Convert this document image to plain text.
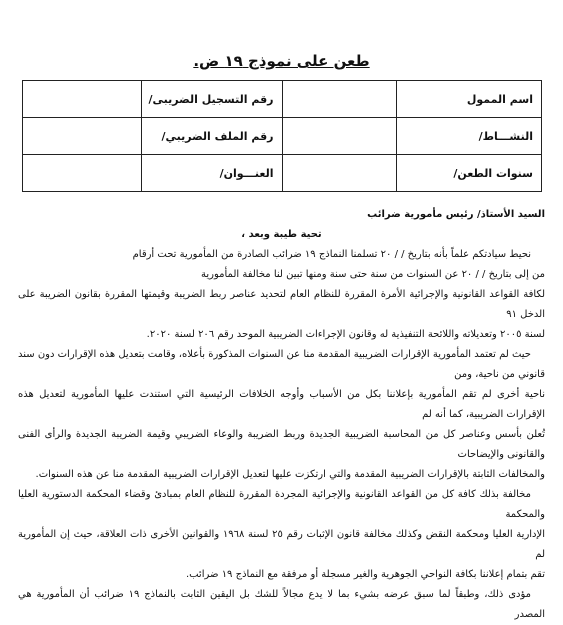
طعن على نموذج ١٩ ض.
اسم الممول		رقم التسجيل الضريبى/	
النشـــاط/		رقم الملف الضريبي/	
سنوات الطعن/		العنـــوان/	

السيد الأستاذ/ رئيس مأمورية ضرائب

تحية طيبة وبعد ،

نحيط سيادتكم علماً بأنه بتاريخ / / ٢٠ تسلمنا النماذج ١٩ ضرائب الصادرة من المأمورية تحت أرقام

من إلى بتاريخ / / ٢٠ عن السنوات من سنة حتى سنة ومنها تبين لنا مخالفة المأمورية

لكافة القواعد القانونية والإجرائية الأمرة المقررة للنظام العام لتحديد عناصر ربط الضريبة وقيمتها المقررة بقانون الضريبة على الدخل ٩١

لسنة ٢٠٠٥ وتعديلاته واللائحة التنفيذية له وقانون الإجراءات الضريبية الموحد رقم ٢٠٦ لسنة ٢٠٢٠.

حيث لم تعتمد المأمورية الإقرارات الضريبية المقدمة منا عن السنوات المذكورة بأعلاه، وقامت بتعديل هذه الإقرارات دون سند قانوني من ناحية، ومن

ناحية أخرى لم تقم المأمورية بإعلاننا بكل من الأسباب وأوجه الخلافات الرئيسية التي استندت عليها المأمورية لتعديل هذه الإقرارات الضريبية، كما أنه لم

تُعلن بأسس وعناصر كل من المحاسبة الضريبية الجديدة وربط الضريبة والوعاء الضريبي وقيمة الضريبة الجديدة والرأى الفنى والقانونى والإيضاحات

والمخالفات الثابتة بالإقرارات الضريبية المقدمة والتي ارتكزت عليها لتعديل الإقرارات الضريبية المقدمة منا عن هذه السنوات.

مخالفة بذلك كافة كل من القواعد القانونية والإجرائية المجردة المقررة للنظام العام بمبادئ وقضاء المحكمة الدستورية العليا والمحكمة

الإدارية العليا ومحكمة النقض وكذلك مخالفة قانون الإثبات رقم ٢٥ لسنة ١٩٦٨ والقوانين الأخرى ذات العلاقة، حيث إن المأمورية لم

تقم بتمام إعلاننا بكافة النواحي الجوهرية والغير مسجلة أو مرفقة مع النماذج ١٩ ضرائب.

مؤدى ذلك، وطبقاً لما سبق عرضه بشيء بما لا يدع مجالاً للشك بل اليقين الثابت بالنماذج ١٩ ضرائب أن المأمورية هي المصدر
